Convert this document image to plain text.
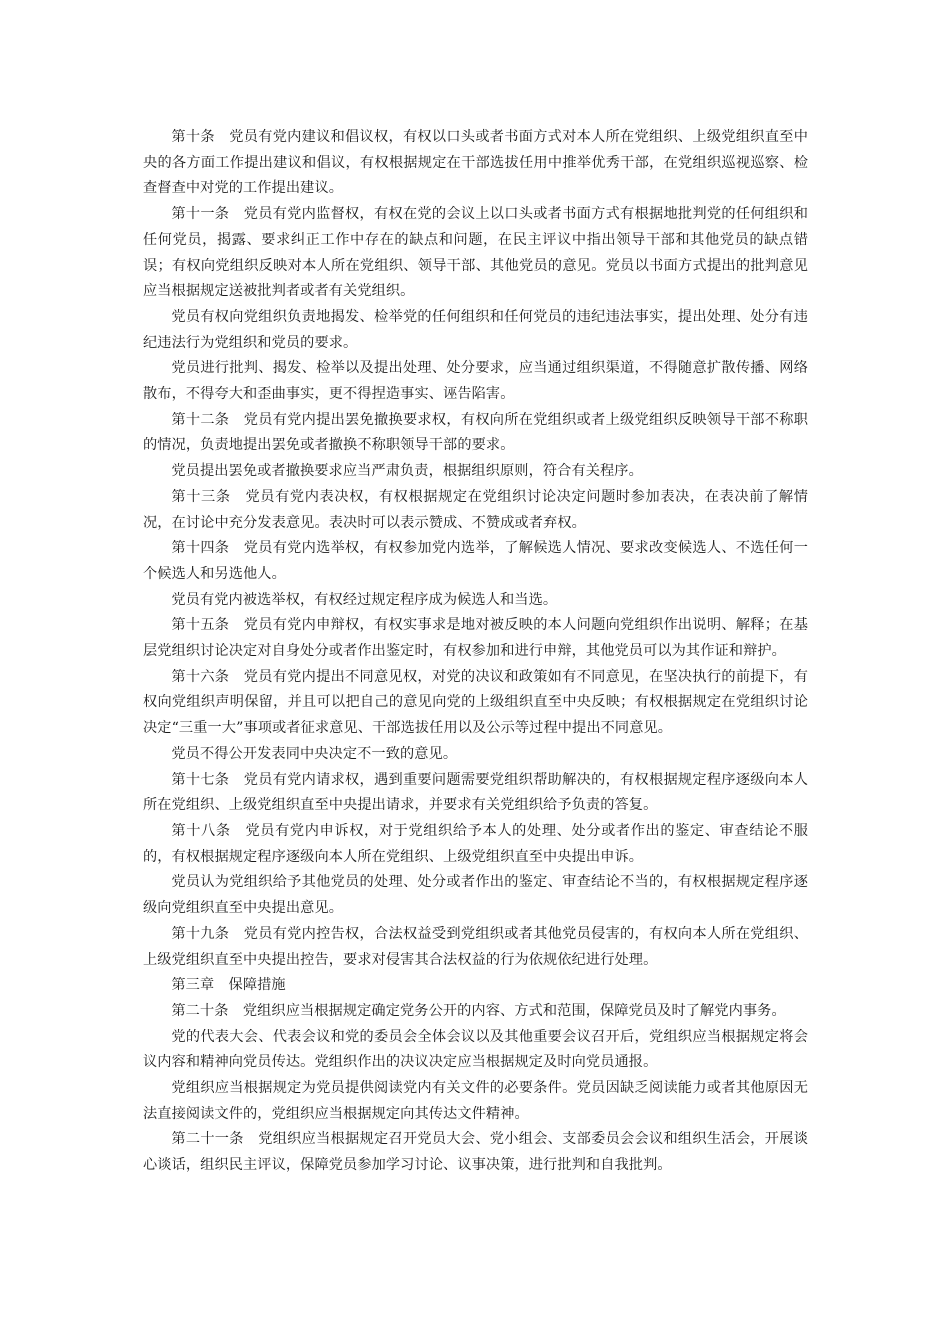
第十条　党员有党内建议和倡议权，有权以口头或者书面方式对本人所在党组织、上级党组织直至中央的各方面工作提出建议和倡议，有权根据规定在干部选拔任用中推举优秀干部，在党组织巡视巡察、检查督查中对党的工作提出建议。

第十一条　党员有党内监督权，有权在党的会议上以口头或者书面方式有根据地批判党的任何组织和任何党员，揭露、要求纠正工作中存在的缺点和问题，在民主评议中指出领导干部和其他党员的缺点错误；有权向党组织反映对本人所在党组织、领导干部、其他党员的意见。党员以书面方式提出的批判意见应当根据规定送被批判者或者有关党组织。

党员有权向党组织负责地揭发、检举党的任何组织和任何党员的违纪违法事实，提出处理、处分有违纪违法行为党组织和党员的要求。

党员进行批判、揭发、检举以及提出处理、处分要求，应当通过组织渠道，不得随意扩散传播、网络散布，不得夸大和歪曲事实，更不得捏造事实、诬告陷害。

第十二条　党员有党内提出罢免撤换要求权，有权向所在党组织或者上级党组织反映领导干部不称职的情况，负责地提出罢免或者撤换不称职领导干部的要求。

党员提出罢免或者撤换要求应当严肃负责，根据组织原则，符合有关程序。

第十三条　党员有党内表决权，有权根据规定在党组织讨论决定问题时参加表决，在表决前了解情况，在讨论中充分发表意见。表决时可以表示赞成、不赞成或者弃权。

第十四条　党员有党内选举权，有权参加党内选举，了解候选人情况、要求改变候选人、不选任何一个候选人和另选他人。

党员有党内被选举权，有权经过规定程序成为候选人和当选。

第十五条　党员有党内申辩权，有权实事求是地对被反映的本人问题向党组织作出说明、解释；在基层党组织讨论决定对自身处分或者作出鉴定时，有权参加和进行申辩，其他党员可以为其作证和辩护。

第十六条　党员有党内提出不同意见权，对党的决议和政策如有不同意见，在坚决执行的前提下，有权向党组织声明保留，并且可以把自己的意见向党的上级组织直至中央反映；有权根据规定在党组织讨论决定“三重一大”事项或者征求意见、干部选拔任用以及公示等过程中提出不同意见。

党员不得公开发表同中央决定不一致的意见。

第十七条　党员有党内请求权，遇到重要问题需要党组织帮助解决的，有权根据规定程序逐级向本人所在党组织、上级党组织直至中央提出请求，并要求有关党组织给予负责的答复。

第十八条　党员有党内申诉权，对于党组织给予本人的处理、处分或者作出的鉴定、审查结论不服的，有权根据规定程序逐级向本人所在党组织、上级党组织直至中央提出申诉。

党员认为党组织给予其他党员的处理、处分或者作出的鉴定、审查结论不当的，有权根据规定程序逐级向党组织直至中央提出意见。

第十九条　党员有党内控告权，合法权益受到党组织或者其他党员侵害的，有权向本人所在党组织、上级党组织直至中央提出控告，要求对侵害其合法权益的行为依规依纪进行处理。

第三章　保障措施

第二十条　党组织应当根据规定确定党务公开的内容、方式和范围，保障党员及时了解党内事务。

党的代表大会、代表会议和党的委员会全体会议以及其他重要会议召开后，党组织应当根据规定将会议内容和精神向党员传达。党组织作出的决议决定应当根据规定及时向党员通报。

党组织应当根据规定为党员提供阅读党内有关文件的必要条件。党员因缺乏阅读能力或者其他原因无法直接阅读文件的，党组织应当根据规定向其传达文件精神。

第二十一条　党组织应当根据规定召开党员大会、党小组会、支部委员会会议和组织生活会，开展谈心谈话，组织民主评议，保障党员参加学习讨论、议事决策，进行批判和自我批判。
